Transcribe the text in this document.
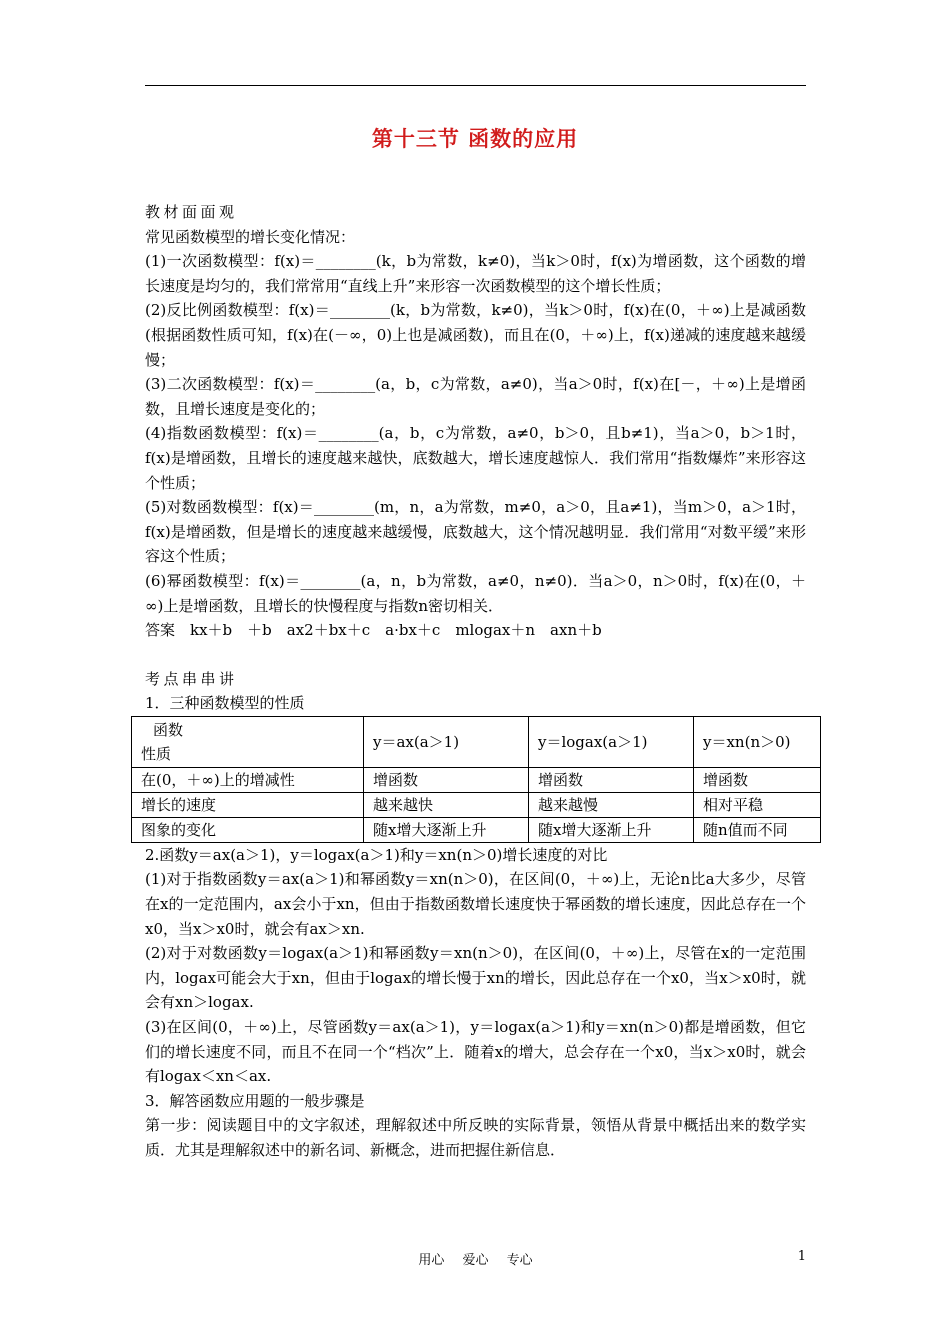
第十三节 函数的应用

教材面面观

常见函数模型的增长变化情况：

(1)一次函数模型：f(x)＝________(k，b为常数，k≠0)，当k＞0时，f(x)为增函数，这个函数的增长速度是均匀的，我们常常用“直线上升”来形容一次函数模型的这个增长性质；

(2)反比例函数模型：f(x)＝________(k，b为常数，k≠0)，当k＞0时，f(x)在(0，＋∞)上是减函数(根据函数性质可知，f(x)在(－∞，0)上也是减函数)，而且在(0，＋∞)上，f(x)递减的速度越来越缓慢；

(3)二次函数模型：f(x)＝________(a，b，c为常数，a≠0)，当a＞0时，f(x)在[－，＋∞)上是增函数，且增长速度是变化的；

(4)指数函数模型：f(x)＝________(a，b，c为常数，a≠0，b＞0，且b≠1)，当a＞0，b＞1时，f(x)是增函数，且增长的速度越来越快，底数越大，增长速度越惊人．我们常用“指数爆炸”来形容这个性质；

(5)对数函数模型：f(x)＝________(m，n，a为常数，m≠0，a＞0，且a≠1)，当m＞0，a＞1时，f(x)是增函数，但是增长的速度越来越缓慢，底数越大，这个情况越明显．我们常用“对数平缓”来形容这个性质；

(6)幂函数模型：f(x)＝________(a，n，b为常数，a≠0，n≠0)．当a＞0，n＞0时，f(x)在(0，＋∞)上是增函数，且增长的快慢程度与指数n密切相关．

答案　kx＋b　＋b　ax2＋bx＋c　a·bx＋c　mlogax＋n　axn＋b

考点串串讲

1．三种函数模型的性质

函数
性质	y＝ax(a＞1)	y＝logax(a＞1)	y＝xn(n＞0)
在(0，＋∞)上的增减性	增函数	增函数	增函数
增长的速度	越来越快	越来越慢	相对平稳
图象的变化	随x增大逐渐上升	随x增大逐渐上升	随n值而不同

2.函数y＝ax(a＞1)，y＝logax(a＞1)和y＝xn(n＞0)增长速度的对比

(1)对于指数函数y＝ax(a＞1)和幂函数y＝xn(n＞0)，在区间(0，＋∞)上，无论n比a大多少，尽管在x的一定范围内，ax会小于xn，但由于指数函数增长速度快于幂函数的增长速度，因此总存在一个x0，当x＞x0时，就会有ax＞xn.

(2)对于对数函数y＝logax(a＞1)和幂函数y＝xn(n＞0)，在区间(0，＋∞)上，尽管在x的一定范围内，logax可能会大于xn，但由于logax的增长慢于xn的增长，因此总存在一个x0，当x＞x0时，就会有xn＞logax.

(3)在区间(0，＋∞)上，尽管函数y＝ax(a＞1)，y＝logax(a＞1)和y＝xn(n＞0)都是增函数，但它们的增长速度不同，而且不在同一个“档次”上．随着x的增大，总会存在一个x0，当x＞x0时，就会有logax＜xn＜ax.

3．解答函数应用题的一般步骤是

第一步：阅读题目中的文字叙述，理解叙述中所反映的实际背景，领悟从背景中概括出来的数学实质．尤其是理解叙述中的新名词、新概念，进而把握住新信息．

用心 爱心 专心	1
